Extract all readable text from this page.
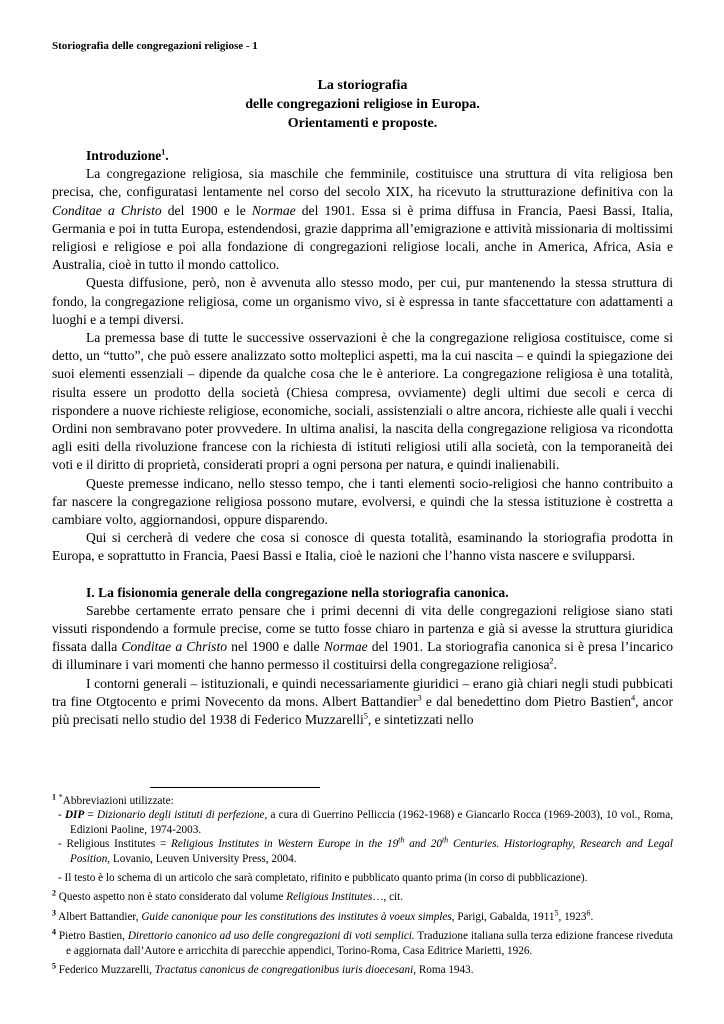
Storiografia delle congregazioni religiose - 1
La storiografia
delle congregazioni religiose in Europa.
Orientamenti e proposte.

Introduzione$^1$.

La congregazione religiosa, sia maschile che femminile, costituisce una struttura di vita religiosa ben precisa, che, configuratasi lentamente nel corso del secolo XIX, ha ricevuto la strutturazione definitiva con la Conditae a Christo del 1900 e le Normae del 1901. Essa si è prima diffusa in Francia, Paesi Bassi, Italia, Germania e poi in tutta Europa, estendendosi, grazie dapprima all’emigrazione e attività missionaria di moltissimi religiosi e religiose e poi alla fondazione di congregazioni religiose locali, anche in America, Africa, Asia e Australia, cioè in tutto il mondo cattolico.

Questa diffusione, però, non è avvenuta allo stesso modo, per cui, pur mantenendo la stessa struttura di fondo, la congregazione religiosa, come un organismo vivo, si è espressa in tante sfaccettature con adattamenti a luoghi e a tempi diversi.

La premessa base di tutte le successive osservazioni è che la congregazione religiosa costituisce, come si detto, un “tutto”, che può essere analizzato sotto molteplici aspetti, ma la cui nascita – e quindi la spiegazione dei suoi elementi essenziali – dipende da qualche cosa che le è anteriore. La congregazione religiosa è una totalità, risulta essere un prodotto della società (Chiesa compresa, ovviamente) degli ultimi due secoli e cerca di rispondere a nuove richieste religiose, economiche, sociali, assistenziali o altre ancora, richieste alle quali i vecchi Ordini non sembravano poter provvedere. In ultima analisi, la nascita della congregazione religiosa va ricondotta agli esiti della rivoluzione francese con la richiesta di istituti religiosi utili alla società, con la temporaneità dei voti e il diritto di proprietà, considerati propri a ogni persona per natura, e quindi inalienabili.

Queste premesse indicano, nello stesso tempo, che i tanti elementi socio-religiosi che hanno contribuito a far nascere la congregazione religiosa possono mutare, evolversi, e quindi che la stessa istituzione è costretta a cambiare volto, aggiornandosi, oppure disparendo.

Qui si cercherà di vedere che cosa si conosce di questa totalità, esaminando la storiografia prodotta in Europa, e soprattutto in Francia, Paesi Bassi e Italia, cioè le nazioni che l’hanno vista nascere e svilupparsi.

I. La fisionomia generale della congregazione nella storiografia canonica.

Sarebbe certamente errato pensare che i primi decenni di vita delle congregazioni religiose siano stati vissuti rispondendo a formule precise, come se tutto fosse chiaro in partenza e già si avesse la struttura giuridica fissata dalla Conditae a Christo nel 1900 e dalle Normae del 1901. La storiografia canonica si è presa l’incarico di illuminare i vari momenti che hanno permesso il costituirsi della congregazione religiosa$^2$.

I contorni generali – istituzionali, e quindi necessariamente giuridici – erano già chiari negli studi pubbicati tra fine Otgtocento e primi Novecento da mons. Albert Battandier$^3$ e dal benedettino dom Pietro Bastien$^4$, ancor più precisati nello studio del 1938 di Federico Muzzarelli$^5$, e sintetizzati nello

$^1$ *Abbreviazioni utilizzate:

- DIP = Dizionario degli istituti di perfezione, a cura di Guerrino Pelliccia (1962-1968) e Giancarlo Rocca (1969-2003), 10 vol., Roma, Edizioni Paoline, 1974-2003.

- Religious Institutes = Religious Institutes in Western Europe in the 19th and 20th Centuries. Historiography, Research and Legal Position, Lovanio, Leuven University Press, 2004.

- Il testo è lo schema di un articolo che sarà completato, rifinito e pubblicato quanto prima (in corso di pubblicazione).

$^2$ Questo aspetto non è stato considerato dal volume Religious Institutes…, cit.

$^3$ Albert Battandier, Guide canonique pour les constitutions des institutes à voeux simples, Parigi, Gabalda, 1911$^5$, 1923$^6$.

$^4$ Pietro Bastien, Direttorio canonico ad uso delle congregazioni di voti semplici. Traduzione italiana sulla terza edizione francese riveduta e aggiornata dall’Autore e arricchita di parecchie appendici, Torino-Roma, Casa Editrice Marietti, 1926.

$^5$ Federico Muzzarelli, Tractatus canonicus de congregationibus iuris dioecesani, Roma 1943.
